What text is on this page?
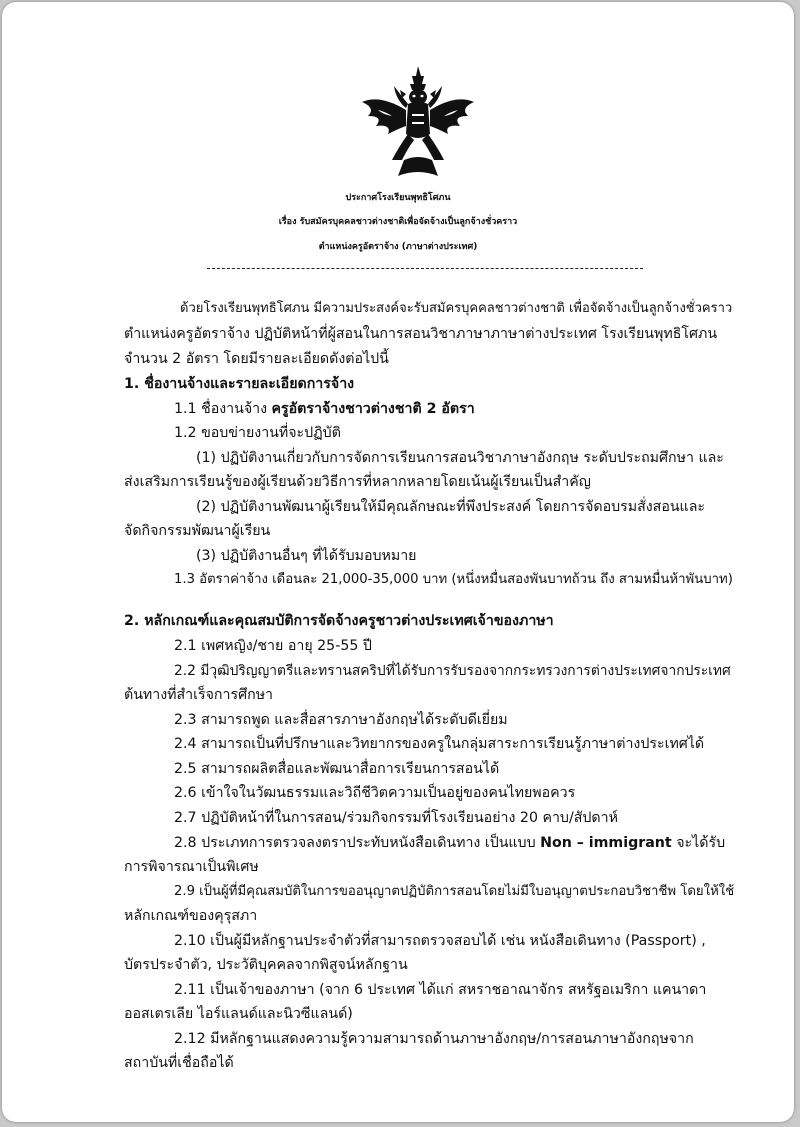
ประกาศโรงเรียนพุทธิโศภน
เรื่อง รับสมัครบุคคลชาวต่างชาติเพื่อจัดจ้างเป็นลูกจ้างชั่วคราว
ตำแหน่งครูอัตราจ้าง (ภาษาต่างประเทศ)
ด้วยโรงเรียนพุทธิโศภน มีความประสงค์จะรับสมัครบุคคลชาวต่างชาติ เพื่อจัดจ้างเป็นลูกจ้างชั่วคราว
ตำแหน่งครูอัตราจ้าง ปฏิบัติหน้าที่ผู้สอนในการสอนวิชาภาษาภาษาต่างประเทศ โรงเรียนพุทธิโศภน
จำนวน 2 อัตรา โดยมีรายละเอียดดังต่อไปนี้
1. ชื่องานจ้างและรายละเอียดการจ้าง
1.1 ชื่องานจ้าง ครูอัตราจ้างชาวต่างชาติ 2 อัตรา
1.2 ขอบข่ายงานที่จะปฏิบัติ
(1) ปฏิบัติงานเกี่ยวกับการจัดการเรียนการสอนวิชาภาษาอังกฤษ ระดับประถมศึกษา และ
ส่งเสริมการเรียนรู้ของผู้เรียนด้วยวิธีการที่หลากหลายโดยเน้นผู้เรียนเป็นสำคัญ
(2) ปฏิบัติงานพัฒนาผู้เรียนให้มีคุณลักษณะที่พึงประสงค์ โดยการจัดอบรมสั่งสอนและ
จัดกิจกรรมพัฒนาผู้เรียน
(3) ปฏิบัติงานอื่นๆ ที่ได้รับมอบหมาย
1.3 อัตราค่าจ้าง เดือนละ 21,000-35,000 บาท (หนึ่งหมื่นสองพันบาทถ้วน ถึง สามหมื่นห้าพันบาท)
2. หลักเกณฑ์และคุณสมบัติการจัดจ้างครูชาวต่างประเทศเจ้าของภาษา
2.1 เพศหญิง/ชาย อายุ 25-55 ปี
2.2 มีวุฒิปริญญาตรีและทรานสคริปที่ได้รับการรับรองจากกระทรวงการต่างประเทศจากประเทศ
ต้นทางที่สำเร็จการศึกษา
2.3 สามารถพูด และสื่อสารภาษาอังกฤษได้ระดับดีเยี่ยม
2.4 สามารถเป็นที่ปรึกษาและวิทยากรของครูในกลุ่มสาระการเรียนรู้ภาษาต่างประเทศได้
2.5 สามารถผลิตสื่อและพัฒนาสื่อการเรียนการสอนได้
2.6 เข้าใจในวัฒนธรรมและวิถีชีวิตความเป็นอยู่ของคนไทยพอควร
2.7 ปฏิบัติหน้าที่ในการสอน/ร่วมกิจกรรมที่โรงเรียนอย่าง 20 คาบ/สัปดาห์
2.8 ประเภทการตรวจลงตราประทับหนังสือเดินทาง เป็นแบบ Non – immigrant จะได้รับ
การพิจารณาเป็นพิเศษ
2.9 เป็นผู้ที่มีคุณสมบัติในการขออนุญาตปฏิบัติการสอนโดยไม่มีใบอนุญาตประกอบวิชาชีพ โดยให้ใช้
หลักเกณฑ์ของคุรุสภา
2.10 เป็นผู้มีหลักฐานประจำตัวที่สามารถตรวจสอบได้ เช่น หนังสือเดินทาง (Passport) ,
บัตรประจำตัว, ประวัติบุคคลจากพิสูจน์หลักฐาน
2.11 เป็นเจ้าของภาษา (จาก 6 ประเทศ ได้แก่ สหราชอาณาจักร สหรัฐอเมริกา แคนาดา
ออสเตรเลีย ไอร์แลนด์และนิวซีแลนด์)
2.12 มีหลักฐานแสดงความรู้ความสามารถด้านภาษาอังกฤษ/การสอนภาษาอังกฤษจาก
สถาบันที่เชื่อถือได้
